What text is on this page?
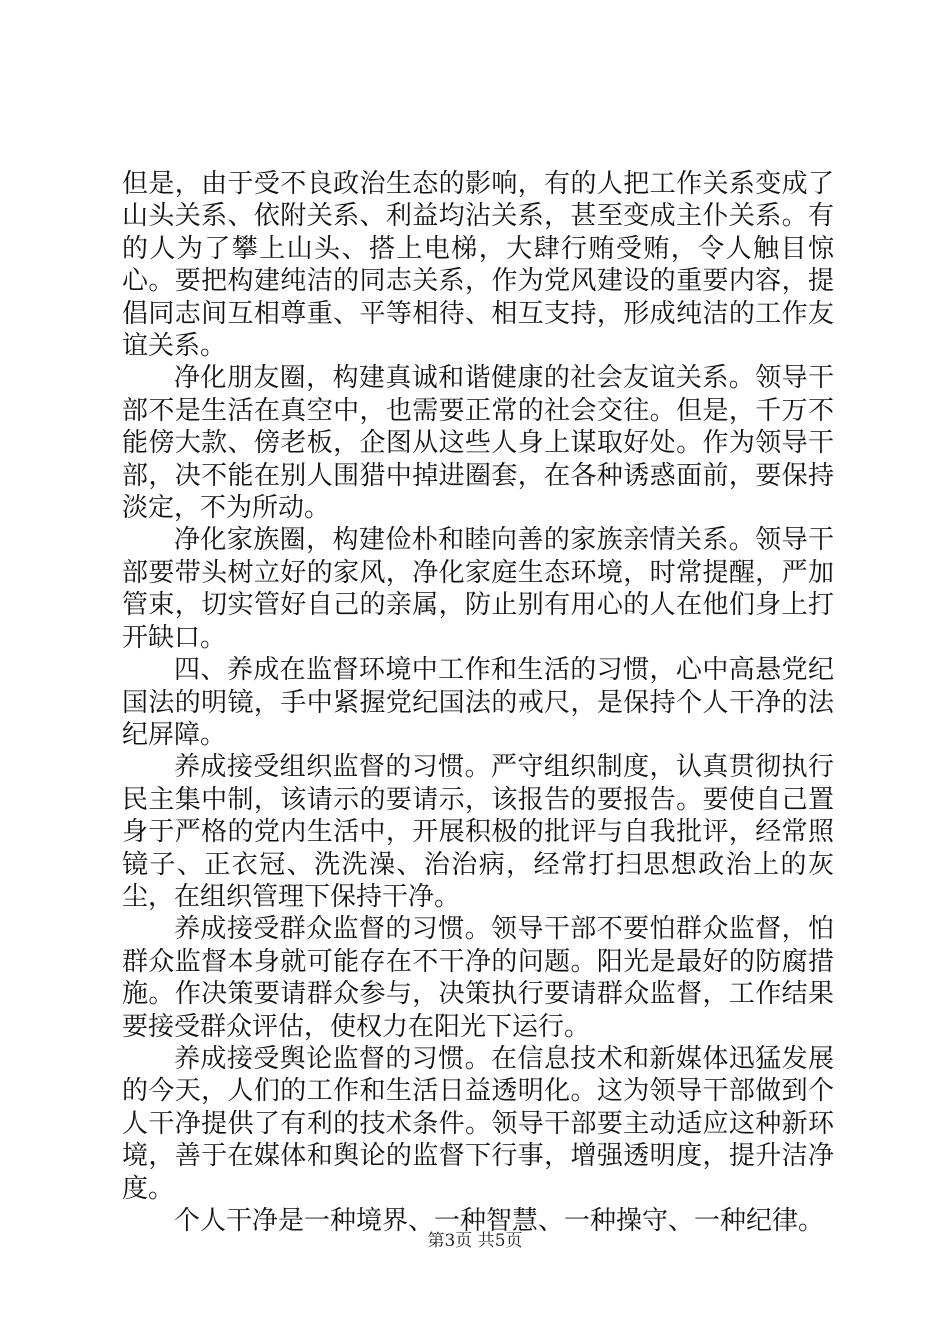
但是，由于受不良政治生态的影响，有的人把工作关系变成了山头关系、依附关系、利益均沾关系，甚至变成主仆关系。有的人为了攀上山头、搭上电梯，大肆行贿受贿，令人触目惊心。要把构建纯洁的同志关系，作为党风建设的重要内容，提倡同志间互相尊重、平等相待、相互支持，形成纯洁的工作友谊关系。

净化朋友圈，构建真诚和谐健康的社会友谊关系。领导干部不是生活在真空中，也需要正常的社会交往。但是，千万不能傍大款、傍老板，企图从这些人身上谋取好处。作为领导干部，决不能在别人围猎中掉进圈套，在各种诱惑面前，要保持淡定，不为所动。

净化家族圈，构建俭朴和睦向善的家族亲情关系。领导干部要带头树立好的家风，净化家庭生态环境，时常提醒，严加管束，切实管好自己的亲属，防止别有用心的人在他们身上打开缺口。

四、养成在监督环境中工作和生活的习惯，心中高悬党纪国法的明镜，手中紧握党纪国法的戒尺，是保持个人干净的法纪屏障。

养成接受组织监督的习惯。严守组织制度，认真贯彻执行民主集中制，该请示的要请示，该报告的要报告。要使自己置身于严格的党内生活中，开展积极的批评与自我批评，经常照镜子、正衣冠、洗洗澡、治治病，经常打扫思想政治上的灰尘，在组织管理下保持干净。

养成接受群众监督的习惯。领导干部不要怕群众监督，怕群众监督本身就可能存在不干净的问题。阳光是最好的防腐措施。作决策要请群众参与，决策执行要请群众监督，工作结果要接受群众评估，使权力在阳光下运行。

养成接受舆论监督的习惯。在信息技术和新媒体迅猛发展的今天，人们的工作和生活日益透明化。这为领导干部做到个人干净提供了有利的技术条件。领导干部要主动适应这种新环境，善于在媒体和舆论的监督下行事，增强透明度，提升洁净度。

个人干净是一种境界、一种智慧、一种操守、一种纪律。

第3页 共5页
